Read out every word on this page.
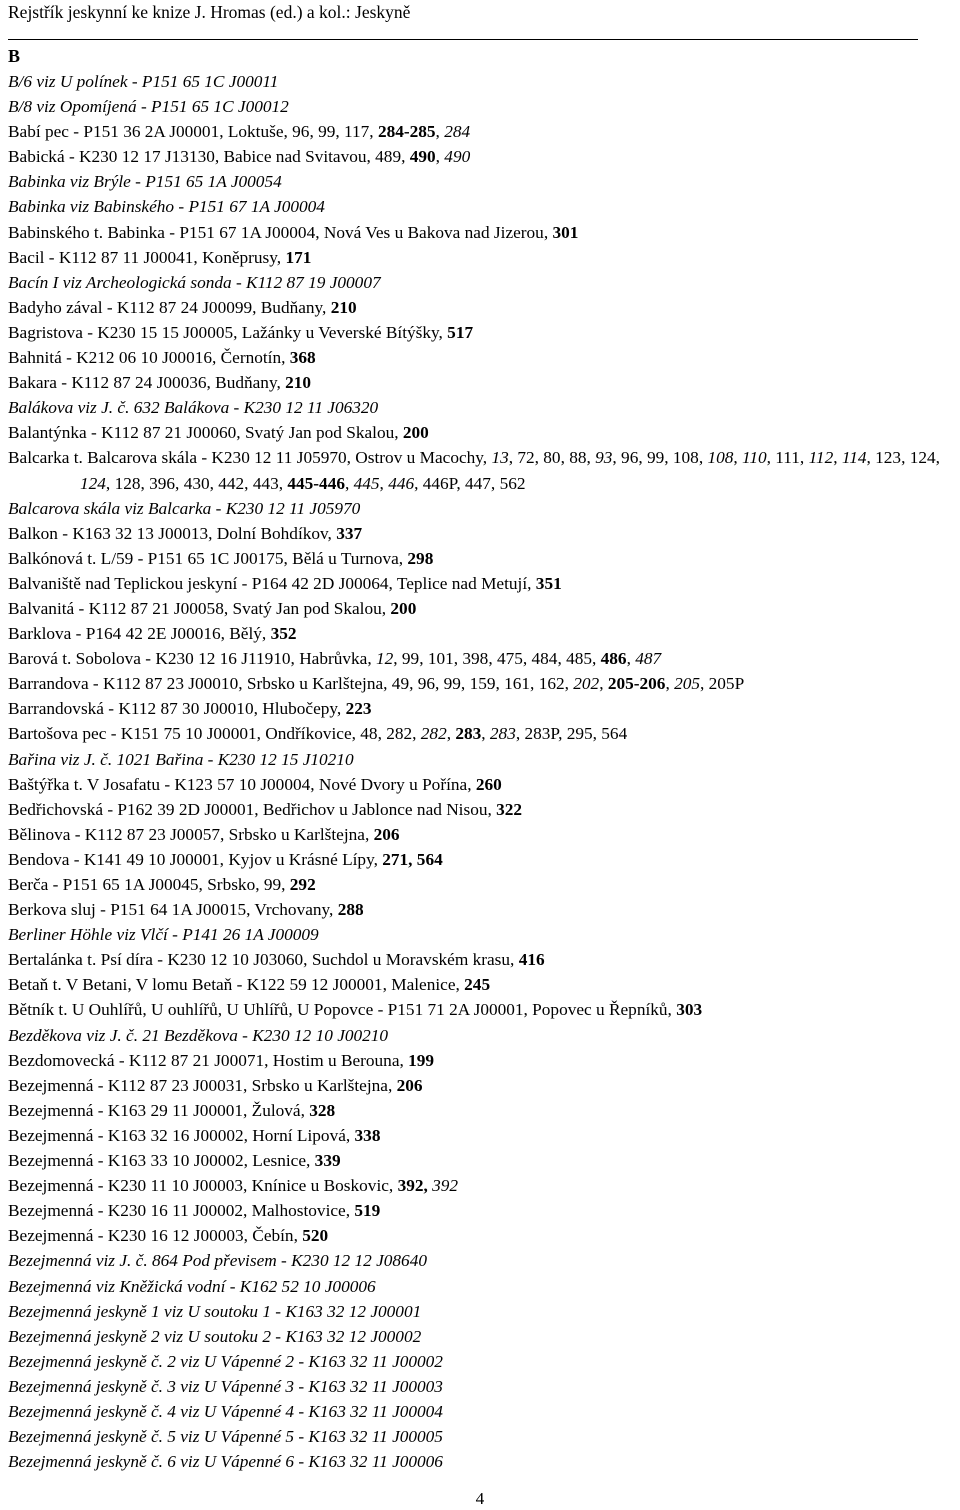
Rejstřík jeskynní ke knize J. Hromas (ed.) a kol.: Jeskyně
B
B/6 viz U polínek - P151 65 1C J00011
B/8 viz Opomíjená - P151 65 1C J00012
Babí pec - P151 36 2A J00001, Loktuše, 96, 99, 117, 284-285, 284
Babická - K230 12 17 J13130, Babice nad Svitavou, 489, 490, 490
Babinka viz Brýle - P151 65 1A J00054
Babinka viz Babinského - P151 67 1A J00004
Babinského t. Babinka - P151 67 1A J00004, Nová Ves u Bakova nad Jizerou, 301
Bacil - K112 87 11 J00041, Koněprusy, 171
Bacín I viz Archeologická sonda - K112 87 19 J00007
Badyho zával - K112 87 24 J00099, Budňany, 210
Bagristova - K230 15 15 J00005, Lažánky u Veverské Bítýšky, 517
Bahnitá - K212 06 10 J00016, Černotín, 368
Bakara - K112 87 24 J00036, Budňany, 210
Balákova viz J. č. 632 Balákova - K230 12 11 J06320
Balantýnka - K112 87 21 J00060, Svatý Jan pod Skalou, 200
Balcarka t. Balcarova skála - K230 12 11 J05970, Ostrov u Macochy, 13, 72, 80, 88, 93, 96, 99, 108, 108, 110, 111, 112, 114, 123, 124, 124, 128, 396, 430, 442, 443, 445-446, 445, 446, 446P, 447, 562
Balcarova skála viz Balcarka - K230 12 11 J05970
Balkon - K163 32 13 J00013, Dolní Bohdíkov, 337
Balkónová t. L/59 - P151 65 1C J00175, Bělá u Turnova, 298
Balvaniště nad Teplickou jeskyní - P164 42 2D J00064, Teplice nad Metují, 351
Balvanitá - K112 87 21 J00058, Svatý Jan pod Skalou, 200
Barklova - P164 42 2E J00016, Bělý, 352
Barová t. Sobolova - K230 12 16 J11910, Habrůvka, 12, 99, 101, 398, 475, 484, 485, 486, 487
Barrandova - K112 87 23 J00010, Srbsko u Karlštejna, 49, 96, 99, 159, 161, 162, 202, 205-206, 205, 205P
Barrandovská - K112 87 30 J00010, Hlubočepy, 223
Bartošova pec - K151 75 10 J00001, Ondříkovice, 48, 282, 282, 283, 283, 283P, 295, 564
Bařina viz J. č. 1021 Bařina - K230 12 15 J10210
Baštýřka t. V Josafatu - K123 57 10 J00004, Nové Dvory u Pořína, 260
Bedřichovská - P162 39 2D J00001, Bedřichov u Jablonce nad Nisou, 322
Bělinova - K112 87 23 J00057, Srbsko u Karlštejna, 206
Bendova - K141 49 10 J00001, Kyjov u Krásné Lípy, 271, 564
Berča - P151 65 1A J00045, Srbsko, 99, 292
Berkova sluj - P151 64 1A J00015, Vrchovany, 288
Berliner Höhle viz Vlčí - P141 26 1A J00009
Bertalánka t. Psí díra - K230 12 10 J03060, Suchdol u Moravském krasu, 416
Betaň t. V Betani, V lomu Betaň - K122 59 12 J00001, Malenice, 245
Bětník t. U Ouhlířů, U ouhlířů, U Uhlířů, U Popovce - P151 71 2A J00001, Popovec u Řepníků, 303
Bezděkova viz J. č. 21 Bezděkova - K230 12 10 J00210
Bezdomovecká - K112 87 21 J00071, Hostim u Berouna, 199
Bezejmenná - K112 87 23 J00031, Srbsko u Karlštejna, 206
Bezejmenná - K163 29 11 J00001, Žulová, 328
Bezejmenná - K163 32 16 J00002, Horní Lipová, 338
Bezejmenná - K163 33 10 J00002, Lesnice, 339
Bezejmenná - K230 11 10 J00003, Knínice u Boskovic, 392, 392
Bezejmenná - K230 16 11 J00002, Malhostovice, 519
Bezejmenná - K230 16 12 J00003, Čebín, 520
Bezejmenná viz J. č. 864 Pod převisem - K230 12 12 J08640
Bezejmenná viz Kněžická vodní - K162 52 10 J00006
Bezejmenná jeskyně 1 viz U soutoku 1 - K163 32 12 J00001
Bezejmenná jeskyně 2 viz U soutoku 2 - K163 32 12 J00002
Bezejmenná jeskyně č. 2 viz U Vápenné 2 - K163 32 11 J00002
Bezejmenná jeskyně č. 3 viz U Vápenné 3 - K163 32 11 J00003
Bezejmenná jeskyně č. 4 viz U Vápenné 4 - K163 32 11 J00004
Bezejmenná jeskyně č. 5 viz U Vápenné 5 - K163 32 11 J00005
Bezejmenná jeskyně č. 6 viz U Vápenné 6 - K163 32 11 J00006
4
